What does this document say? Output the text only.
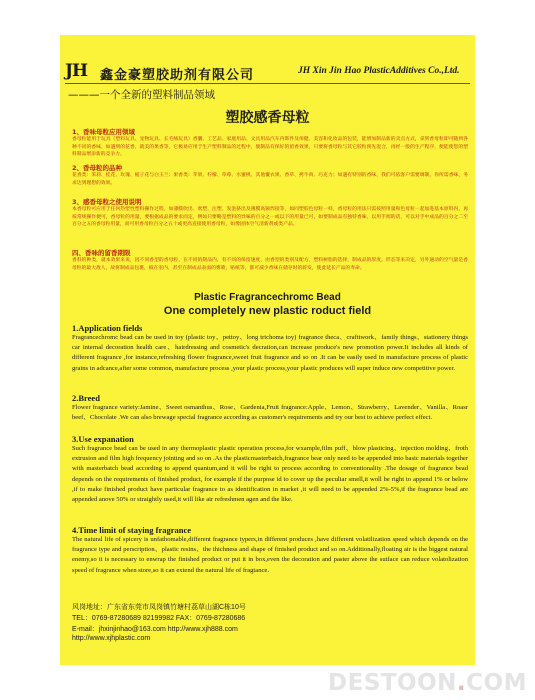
JH 鑫金豪塑胶助剂有限公司	JH Xin Jin Hao PlasticAdditives Co.,Ltd.
———一个全新的塑料制品领域
塑胶感香母粒
1、香味母粒应用领域
香母粒能用于玩具（塑料玩具、宠物玩具、长毛绒玩具）香囊、工艺品、家庭用品、文具用品汽车内饰件及保健、美容和化妆品的包装，能增加制品新的卖点方式，拿到香母粒即可随到各种不同的香味，如遇到的花香，就美的果香等，它极易应用于生产塑料制品的过程中，使制品有保好的留香效果，只要将香母粒与其它胶粒预先混合，再经一般的生产程序，便能使您的塑料制品增添新的竞争力。
2、香母粒的品种
花香类：茉莉、桂花、玫瑰、栀子花与白玉兰；果香类：苹果、柠檬、草莓、水蜜桃、其他覆衣果、香草、拷牛肉、巧克力；如遇有特别的香味，我们可依客户需要调制，你所需香味，务求达到理想的效果。
3、感香母粒之使用说明
本香母粒可应用于任何热塑性塑料操作过程，如薄膜吹出、吹塑、注塑、发泡挤出及薄膜高频焊接等，如同塑胶色母粒一样，香母粒的用法只需按照用量和色母粒一起加进基本原料内，再按常规操作便可，香母粒的用量，要根据成品的要求而定，例如只要略是塑料的异味的百分之一或以下的用量已可，如要制成品有独特香味，以用手闻的话，可以对手中成品的百分之二至百分之五的香母粒用量，而可用香母粒百分之五十或更高直接使用香母粒，如像固体空气清新剂或类产品。
四、香味的留香期限
香料的种类，就本效果来说，因不同香型的香母粒，在不同的制品内，有不同的保留速度，由香型的类别及配方，塑料树脂的选择，制成品的厚度，形态等来决定，另外通动的空气量是香母粒的最大敌人，故将制成品包裹，披在室内，甚至在制成品表面的雾喷，贴纸等，都可减少香味在储存时的蒋发，使此延长产品的寿命。
Plastic Fragrancechromc Bead
One completely new plastic roduct field
1.Application fields
Fragrancechromc bead can be used in toy (plastic toy、pettoy、long trichoma toy) fragrance theca、crafttwork、family things、stationery things car internal decoration health care、hairdressing and cosmetic's decration,can increase produce's new promotion power.It includes all kinds of different fragrance ,for instance,refreshing flower fragrance,sweet fruit fragrance and so on .It can be easily used in manufacture process of plastic grains in adcance,after some common, manufacture process ,your plastic process,your plastic produces will super induce new competitive power.
2.Breed
Flower fragrance variety:Jamine、Sweet osmanthus、Rose、Gardenia,Fruit fragrance:Apple、Lemon、Strawberry、Lavender、Vanilla、Roasr beef、Chocolate .We can also brewage special fragrance according as customer's requirements and try our best to achieve perfect effect.
3.Use expanation
Such fragrance bead can be used in any thermoplastic plastic operation process,for wxample,film puff、blow plasticing、injection molding、froth extrusion and film high frequency jointing and so on .As the plasticmasterbatch,fragrance bear only need to be appended into basic materials together with masterbatch bead according to append quantum,and it will be right to process according to conventionality .The dosage of fragrance bead depends on the requirements of finished product, for example if the purpose id to cover up the peculiar smell,it woll be right to append 1% or below ,if to make finished product have particular fragrance to as identification in market ,it will need to be appended 2%-5%,if the fragrance bead are appended anove 50% or straightly used,it will like air refreshmen agen and the like.
4.Time limit of staying fragrance
The natural life of spicery is unfathomable,different fragrance typers,in different produces ,have different volatilization speed which depends on the fragrance type and perscription、plastic resins、the thichness and shape of finished product and so on.Additionally,floating air is the biggest natural enemy,so it is necessary to enwrap the finished product or put it in box,even the decoration and paster above the sutface can reduce volatolization speed of fragrance when store,so it can extend the natural life of fragtance.
风岗地址：广东省东莞市凤岗镇竹塘村荔草山湖C栋10号
TEL：0769-87280689 82199982 FAX：0769-87280686
E-mail：jhxinjinhao@163.com http://www.xjh888.com
http://www.xjhplastic.com
DESTOON.COM
